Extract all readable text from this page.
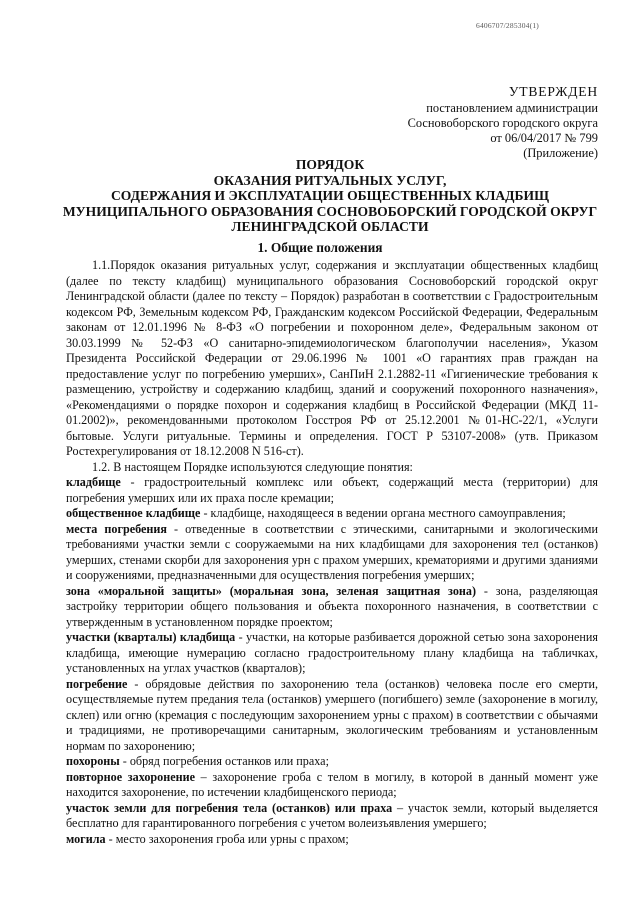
6406707/285304(1)
УТВЕРЖДЕН
постановлением администрации
Сосновоборского городского округа
от 06/04/2017 № 799
(Приложение)
ПОРЯДОК
ОКАЗАНИЯ РИТУАЛЬНЫХ УСЛУГ,
СОДЕРЖАНИЯ И ЭКСПЛУАТАЦИИ ОБЩЕСТВЕННЫХ КЛАДБИЩ
МУНИЦИПАЛЬНОГО ОБРАЗОВАНИЯ СОСНОВОБОРСКИЙ ГОРОДСКОЙ ОКРУГ
ЛЕНИНГРАДСКОЙ ОБЛАСТИ
1. Общие положения

1.1.Порядок оказания ритуальных услуг, содержания и эксплуатации общественных кладбищ (далее по тексту кладбищ) муниципального образования Сосновоборский городской округ Ленинградской области (далее по тексту – Порядок) разработан в соответствии с Градостроительным кодексом РФ, Земельным кодексом РФ, Гражданским кодексом Российской Федерации, Федеральным законам от 12.01.1996 № 8-ФЗ «О погребении и похоронном деле», Федеральным законом от 30.03.1999 № 52-ФЗ «О санитарно-эпидемиологическом благополучии населения», Указом Президента Российской Федерации от 29.06.1996 № 1001 «О гарантиях прав граждан на предоставление услуг по погребению умерших», СанПиН 2.1.2882-11 «Гигиенические требования к размещению, устройству и содержанию кладбищ, зданий и сооружений похоронного назначения», «Рекомендациями о порядке похорон и содержания кладбищ в Российской Федерации (МКД 11-01.2002)», рекомендованными протоколом Госстроя РФ от 25.12.2001 №01-НС-22/1, «Услуги бытовые. Услуги ритуальные. Термины и определения. ГОСТ Р 53107-2008» (утв. Приказом Ростехрегулирования от 18.12.2008 N 516-ст).

1.2. В настоящем Порядке используются следующие понятия:

кладбище - градостроительный комплекс или объект, содержащий места (территории) для погребения умерших или их праха после кремации;

общественное кладбище - кладбище, находящееся в ведении органа местного самоуправления;

места погребения - отведенные в соответствии с этическими, санитарными и экологическими требованиями участки земли с сооружаемыми на них кладбищами для захоронения тел (останков) умерших, стенами скорби для захоронения урн с прахом умерших, крематориями и другими зданиями и сооружениями, предназначенными для осуществления погребения умерших;

зона «моральной защиты» (моральная зона, зеленая защитная зона) - зона, разделяющая застройку территории общего пользования и объекта похоронного назначения, в соответствии с утвержденным в установленном порядке проектом;

участки (кварталы) кладбища - участки, на которые разбивается дорожной сетью зона захоронения кладбища, имеющие нумерацию согласно градостроительному плану кладбища на табличках, установленных на углах участков (кварталов);

погребение - обрядовые действия по захоронению тела (останков) человека после его смерти, осуществляемые путем предания тела (останков) умершего (погибшего) земле (захоронение в могилу, склеп) или огню (кремация с последующим захоронением урны с прахом) в соответствии с обычаями и традициями, не противоречащими санитарным, экологическим требованиям и установленным нормам по захоронению;

похороны - обряд погребения останков или праха;

повторное захоронение – захоронение гроба с телом в могилу, в которой в данный момент уже находится захоронение, по истечении кладбищенского периода;

участок земли для погребения тела (останков) или праха – участок земли, который выделяется бесплатно для гарантированного погребения с учетом волеизъявления умершего;

могила - место захоронения гроба или урны с прахом;
